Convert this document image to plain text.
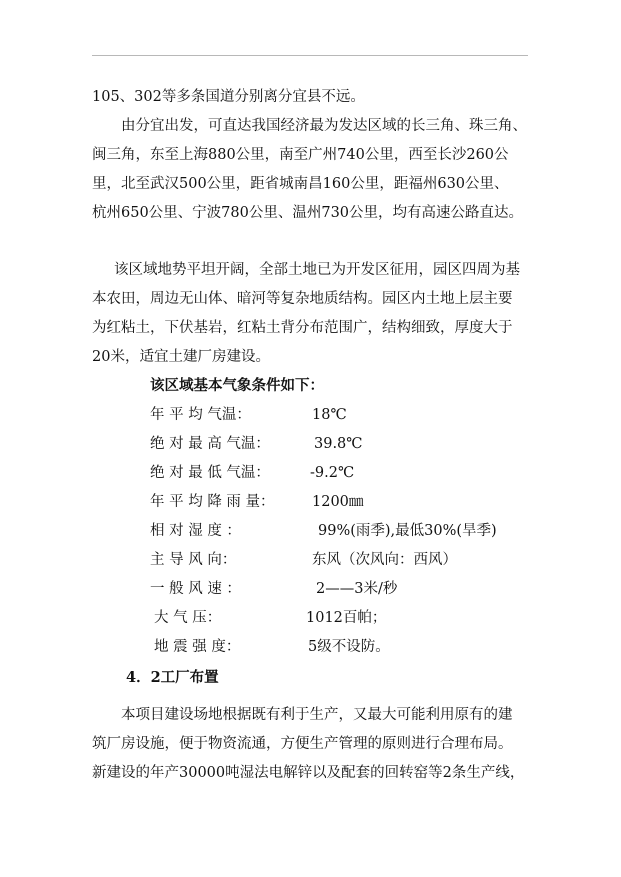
105、302等多条国道分别离分宜县不远。
由分宜出发，可直达我国经济最为发达区域的长三角、珠三角、
闽三角，东至上海880公里，南至广州740公里，西至长沙260公
里，北至武汉500公里，距省城南昌160公里，距福州630公里、
杭州650公里、宁波780公里、温州730公里，均有高速公路直达。
该区域地势平坦开阔，全部土地已为开发区征用，园区四周为基
本农田，周边无山体、暗河等复杂地质结构。园区内土地上层主要
为红粘土，下伏基岩，红粘土背分布范围广，结构细致，厚度大于
20米，适宜土建厂房建设。
该区域基本气象条件如下：
年 平 均 气温：	18℃
绝 对 最 高 气温：	39.8℃
绝 对 最 低 气温：	-9.2℃
年 平 均 降 雨 量：	1200㎜
相 对 湿 度 ：	99%(雨季),最低30%(旱季)
主 导 风 向：	东风（次风向：西风）
一 般 风 速 ：	2——3米/秒
大 气 压：	1012百帕；
地 震 强 度：	5级不设防。
4．2工厂布置
本项目建设场地根据既有利于生产，又最大可能利用原有的建
筑厂房设施，便于物资流通，方便生产管理的原则进行合理布局。
新建设的年产30000吨湿法电解锌以及配套的回转窑等2条生产线，
